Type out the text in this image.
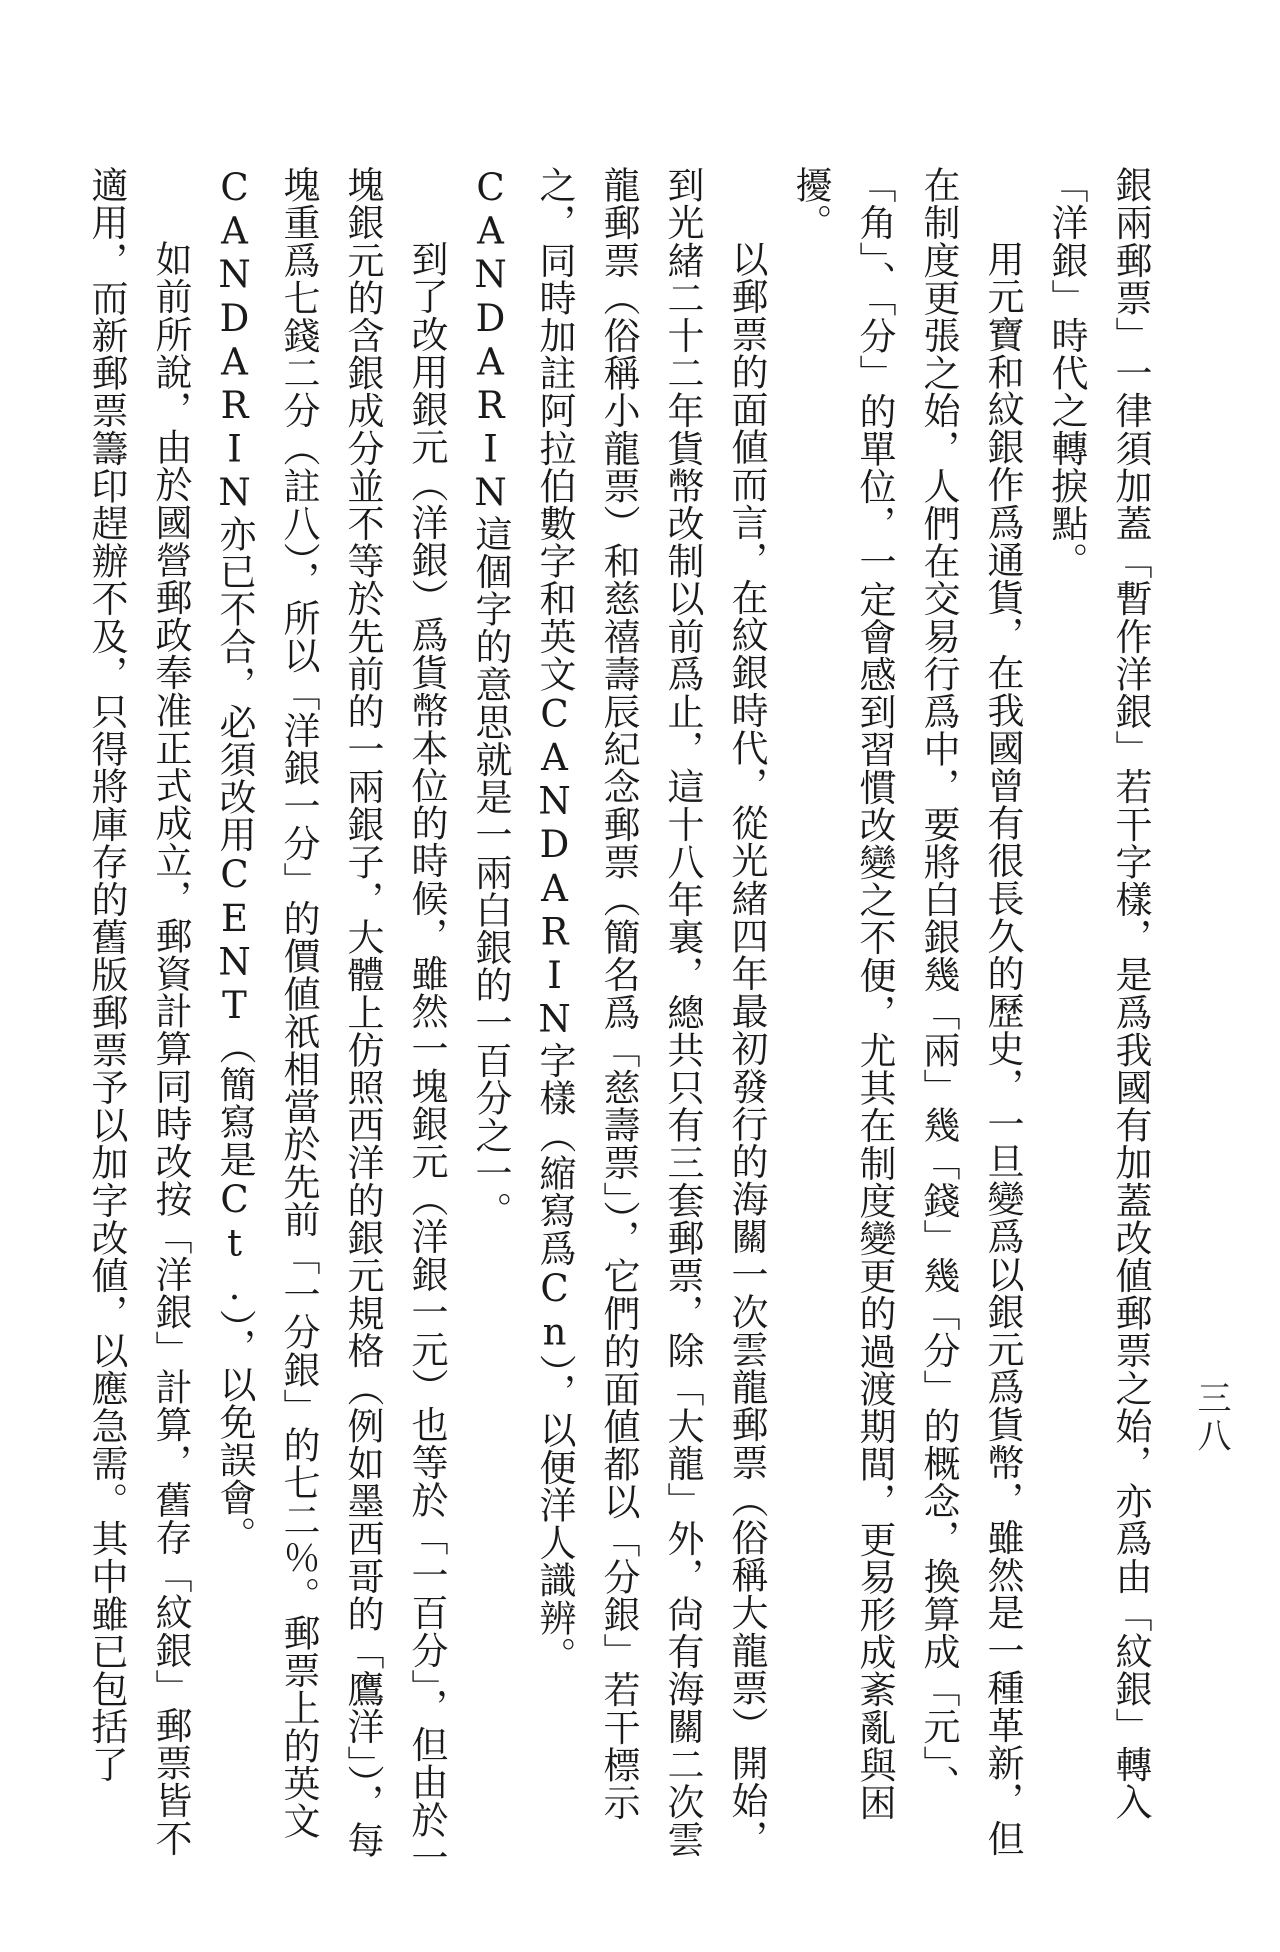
三八

銀兩郵票」一律須加蓋「暫作洋銀」若干字樣，是爲我國有加蓋改値郵票之始，亦爲由「紋銀」轉入「洋銀」時代之轉捩點。

用元寶和紋銀作爲通貨，在我國曾有很長久的歷史，一旦變爲以銀元爲貨幣，雖然是一種革新，但在制度更張之始，人們在交易行爲中，要將白銀幾「兩」幾「錢」幾「分」的概念，換算成「元」、「角」、「分」的單位，一定會感到習慣改變之不便，尤其在制度變更的過渡期間，更易形成紊亂與困擾。

以郵票的面値而言，在紋銀時代，從光緒四年最初發行的海關一次雲龍郵票（俗稱大龍票）開始，到光緒二十二年貨幣改制以前爲止，這十八年裏，總共只有三套郵票，除「大龍」外，尙有海關二次雲龍郵票（俗稱小龍票）和慈禧壽辰紀念郵票（簡名爲「慈壽票」），它們的面値都以「分銀」若干標示之，同時加註阿拉伯數字和英文CANDARIN字樣（縮寫爲Cn），以便洋人識辨。CANDARIN這個字的意思就是一兩白銀的一百分之一。

到了改用銀元（洋銀）爲貨幣本位的時候，雖然一塊銀元（洋銀一元）也等於「一百分」，但由於一塊銀元的含銀成分並不等於先前的一兩銀子，大體上仿照西洋的銀元規格（例如墨西哥的「鷹洋」），每塊重爲七錢二分（註八），所以「洋銀一分」的價値祇相當於先前「一分銀」的七二％。郵票上的英文CANDARIN亦已不合，必須改用CENT（簡寫是Ct.），以免誤會。

如前所說，由於國營郵政奉准正式成立，郵資計算同時改按「洋銀」計算，舊存「紋銀」郵票皆不適用，而新郵票籌印趕辦不及，只得將庫存的舊版郵票予以加字改値，以應急需。其中雖已包括了
